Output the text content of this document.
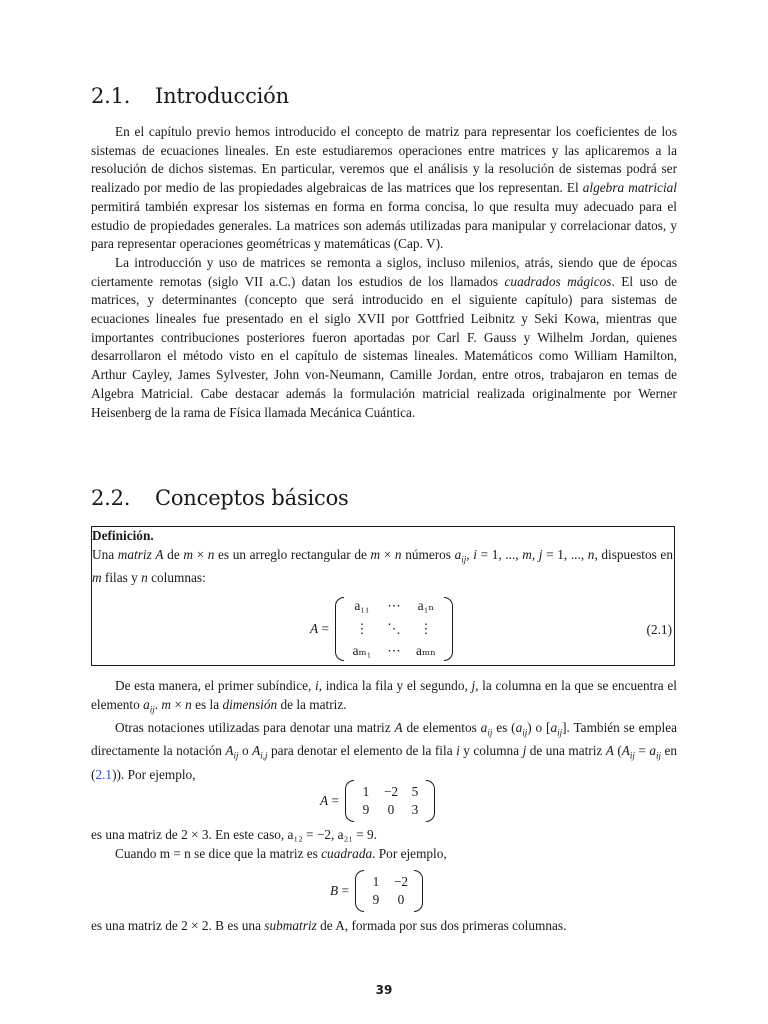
2.1. Introducción

En el capítulo previo hemos introducido el concepto de matriz para representar los coeficientes de los sistemas de ecuaciones lineales. En este estudiaremos operaciones entre matrices y las aplicaremos a la resolución de dichos sistemas. En particular, veremos que el análisis y la resolución de sistemas podrá ser realizado por medio de las propiedades algebraicas de las matrices que los representan. El algebra matricial permitirá también expresar los sistemas en forma en forma concisa, lo que resulta muy adecuado para el estudio de propiedades generales. La matrices son además utilizadas para manipular y correlacionar datos, y para representar operaciones geométricas y matemáticas (Cap. V).

La introducción y uso de matrices se remonta a siglos, incluso milenios, atrás, siendo que de épocas ciertamente remotas (siglo VII a.C.) datan los estudios de los llamados cuadrados mágicos. El uso de matrices, y determinantes (concepto que será introducido en el siguiente capítulo) para sistemas de ecuaciones lineales fue presentado en el siglo XVII por Gottfried Leibnitz y Seki Kowa, mientras que importantes contribuciones posteriores fueron aportadas por Carl F. Gauss y Wilhelm Jordan, quienes desarrollaron el método visto en el capítulo de sistemas lineales. Matemáticos como William Hamilton, Arthur Cayley, James Sylvester, John von-Neumann, Camille Jordan, entre otros, trabajaron en temas de Algebra Matricial. Cabe destacar además la formulación matricial realizada originalmente por Werner Heisenberg de la rama de Física llamada Mecánica Cuántica.

2.2. Conceptos básicos
Definición.
Una matriz A de m × n es un arreglo rectangular de m × n números $a_{ij}$, i = 1, ..., m, j = 1, ..., n, dispuestos en m filas y n columnas:
A =
a₁₁	⋯	a₁ₙ
⋮	⋱	⋮
aₘ₁	⋯	aₘₙ
(2.1)

De esta manera, el primer subíndice, i, indica la fila y el segundo, j, la columna en la que se encuentra el elemento $a_{ij}$. m × n es la dimensión de la matriz.

Otras notaciones utilizadas para denotar una matriz A de elementos $a_{ij}$ es $(a_{ij})$ o $[a_{ij}]$. También se emplea directamente la notación $A_{ij}$ o $A_{i,j}$ para denotar el elemento de la fila i y columna j de una matriz A ($A_{ij} = a_{ij}$ en (2.1)). Por ejemplo,

A =
1	−2	5
9	0	3

es una matriz de 2 × 3. En este caso, a₁₂ = −2, a₂₁ = 9.

Cuando m = n se dice que la matriz es cuadrada. Por ejemplo,

B =
1	−2
9	0

es una matriz de 2 × 2. B es una submatriz de A, formada por sus dos primeras columnas.

39
